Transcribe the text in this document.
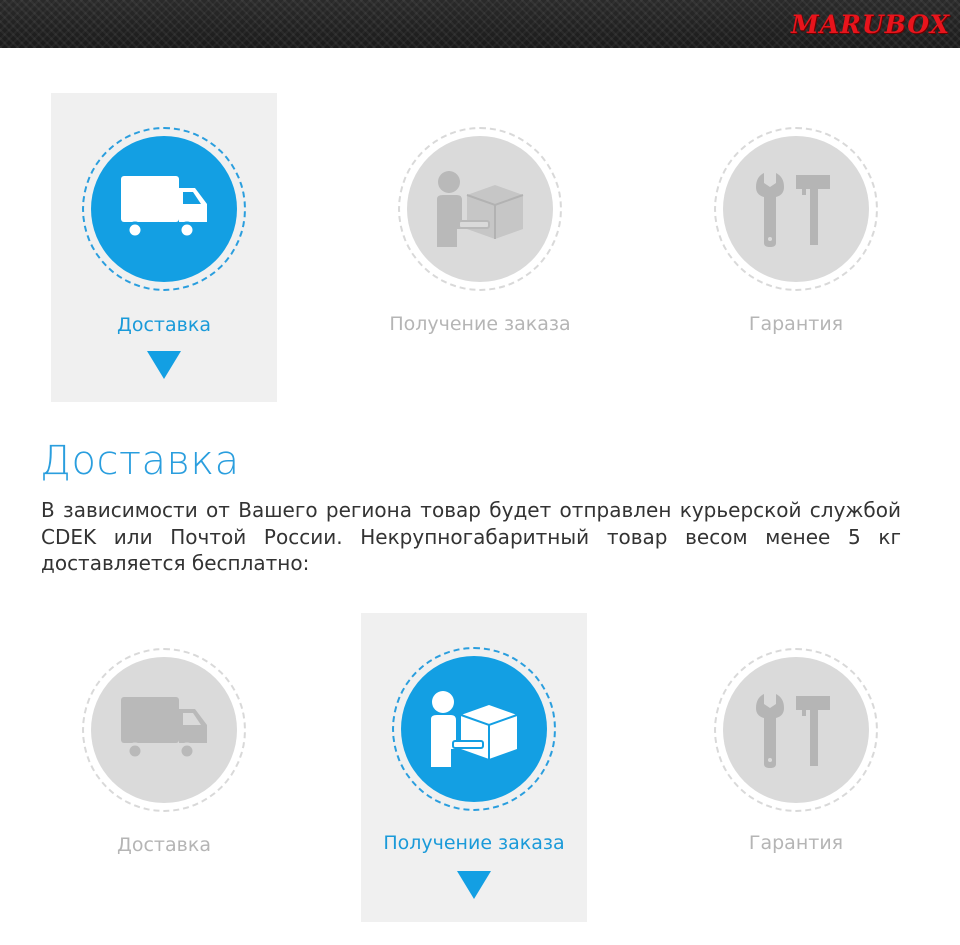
MARUBOX
Доставка	Получение заказа	Гарантия
Доставка
В зависимости от Вашего региона товар будет отправлен курьерской службой CDEK или Почтой России. Некрупногабаритный товар весом менее 5 кг доставляется бесплатно:
Доставка	Получение заказа	Гарантия
